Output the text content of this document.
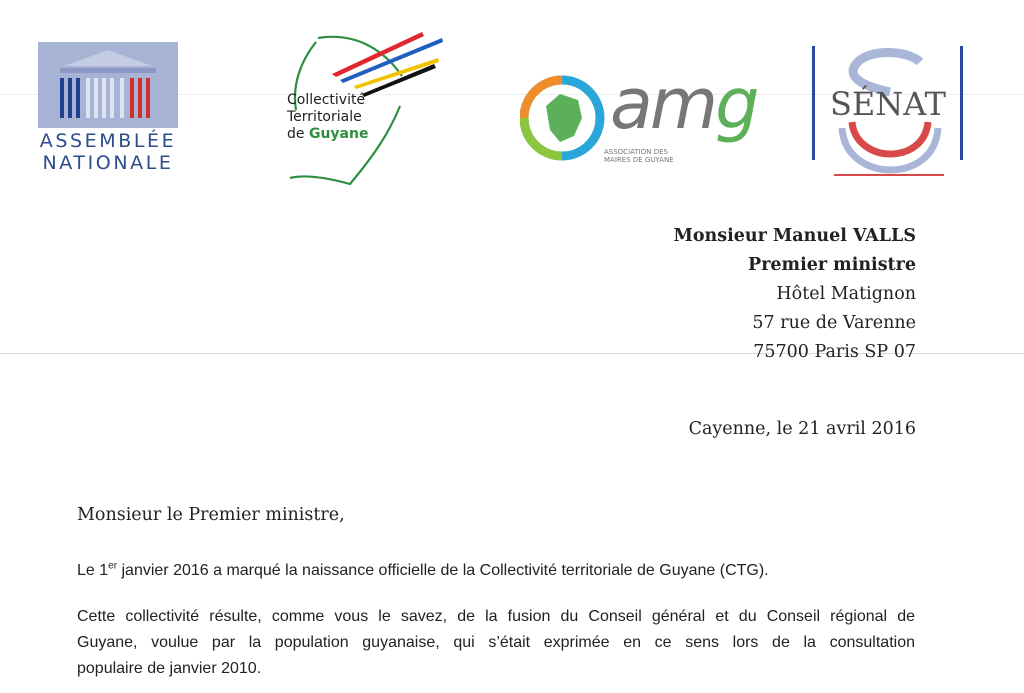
ASSEMBLÉE
NATIONALE
Collectivité
Territoriale
de Guyane	amg
ASSOCIATION DES
MAIRES DE GUYANE
SÉNAT
Monsieur Manuel VALLS
Premier ministre
Hôtel Matignon
57 rue de Varenne
75700 Paris SP 07
Cayenne, le 21 avril 2016
Monsieur le Premier ministre,
Le 1er janvier 2016 a marqué la naissance officielle de la Collectivité territoriale de Guyane (CTG).
Cette collectivité résulte, comme vous le savez, de la fusion du Conseil général et du Conseil régional de
Guyane, voulue par la population guyanaise, qui s’était exprimée en ce sens lors de la consultation
populaire de janvier 2010.
